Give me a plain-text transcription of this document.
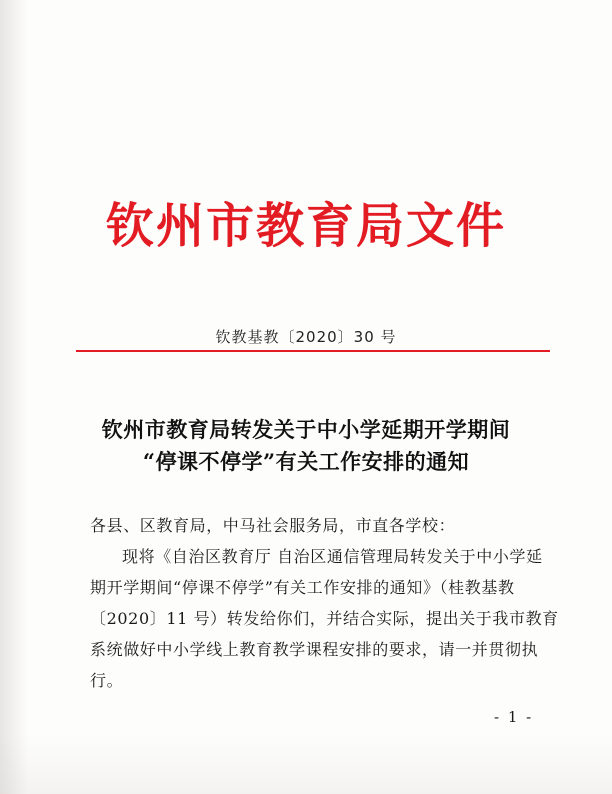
钦州市教育局文件
钦教基教〔2020〕30 号
钦州市教育局转发关于中小学延期开学期间
“停课不停学”有关工作安排的通知
各县、区教育局，中马社会服务局，市直各学校：
现将《自治区教育厅 自治区通信管理局转发关于中小学延
期开学期间“停课不停学”有关工作安排的通知》（桂教基教
〔2020〕11 号）转发给你们，并结合实际，提出关于我市教育
系统做好中小学线上教育教学课程安排的要求，请一并贯彻执
行。
- 1 -
